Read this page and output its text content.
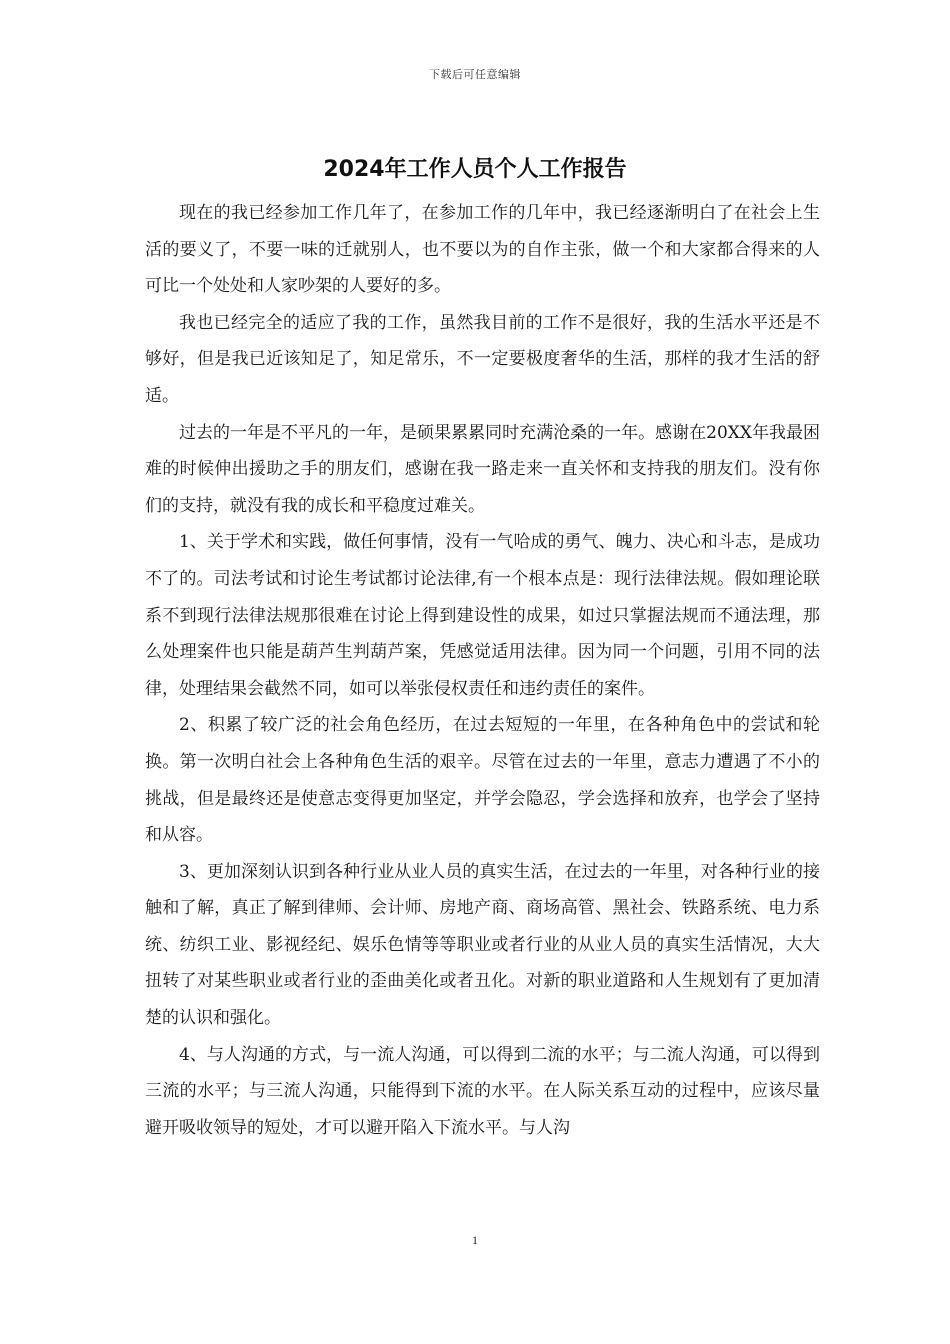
下载后可任意编辑
2024年工作人员个人工作报告

现在的我已经参加工作几年了，在参加工作的几年中，我已经逐渐明白了在社会上生活的要义了，不要一味的迁就别人，也不要以为的自作主张，做一个和大家都合得来的人可比一个处处和人家吵架的人要好的多。

我也已经完全的适应了我的工作，虽然我目前的工作不是很好，我的生活水平还是不够好，但是我已近该知足了，知足常乐，不一定要极度奢华的生活，那样的我才生活的舒适。

过去的一年是不平凡的一年，是硕果累累同时充满沧桑的一年。感谢在20XX年我最困难的时候伸出援助之手的朋友们，感谢在我一路走来一直关怀和支持我的朋友们。没有你们的支持，就没有我的成长和平稳度过难关。

1、关于学术和实践，做任何事情，没有一气哈成的勇气、魄力、决心和斗志，是成功不了的。司法考试和讨论生考试都讨论法律,有一个根本点是：现行法律法规。假如理论联系不到现行法律法规那很难在讨论上得到建设性的成果，如过只掌握法规而不通法理，那么处理案件也只能是葫芦生判葫芦案，凭感觉适用法律。因为同一个问题，引用不同的法律，处理结果会截然不同，如可以举张侵权责任和违约责任的案件。

2、积累了较广泛的社会角色经历，在过去短短的一年里，在各种角色中的尝试和轮换。第一次明白社会上各种角色生活的艰辛。尽管在过去的一年里，意志力遭遇了不小的挑战，但是最终还是使意志变得更加坚定，并学会隐忍，学会选择和放弃，也学会了坚持和从容。

3、更加深刻认识到各种行业从业人员的真实生活，在过去的一年里，对各种行业的接触和了解，真正了解到律师、会计师、房地产商、商场高管、黑社会、铁路系统、电力系统、纺织工业、影视经纪、娱乐色情等等职业或者行业的从业人员的真实生活情况，大大扭转了对某些职业或者行业的歪曲美化或者丑化。对新的职业道路和人生规划有了更加清楚的认识和强化。

4、与人沟通的方式，与一流人沟通，可以得到二流的水平；与二流人沟通，可以得到三流的水平；与三流人沟通，只能得到下流的水平。在人际关系互动的过程中，应该尽量避开吸收领导的短处，才可以避开陷入下流水平。与人沟

1
